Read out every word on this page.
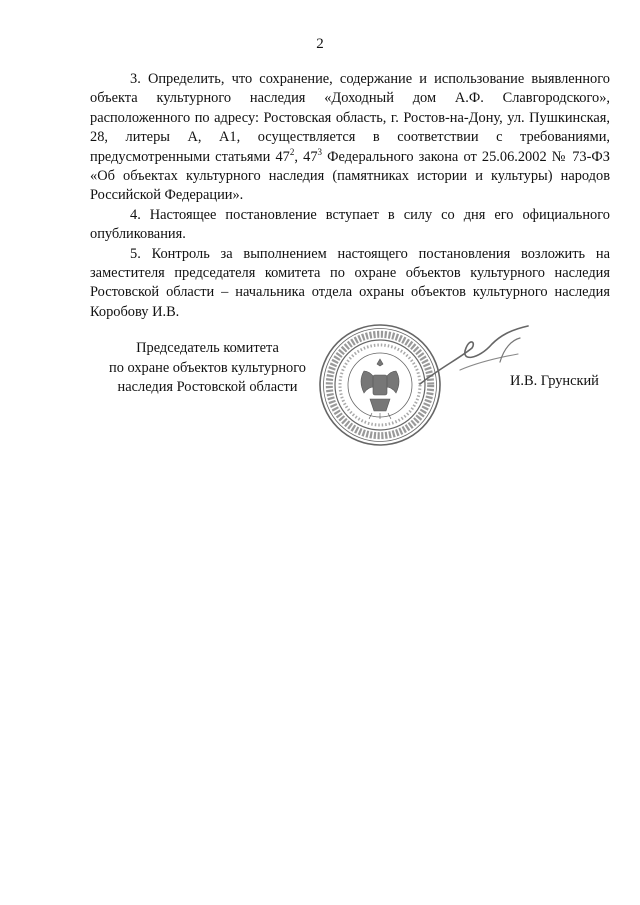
2

3. Определить, что сохранение, содержание и использование выявленного объекта культурного наследия «Доходный дом А.Ф. Славгородского», расположенного по адресу: Ростовская область, г. Ростов-на-Дону, ул. Пушкинская, 28, литеры А, А1, осуществляется в соответствии с требованиями, предусмотренными статьями $47^2$, $47^3$ Федерального закона от 25.06.2002 № 73-ФЗ «Об объектах культурного наследия (памятниках истории и культуры) народов Российской Федерации».

4. Настоящее постановление вступает в силу со дня его официального опубликования.

5. Контроль за выполнением настоящего постановления возложить на заместителя председателя комитета по охране объектов культурного наследия Ростовской области – начальника отдела охраны объектов культурного наследия Коробову И.В.

Председатель комитета
по охране объектов культурного
наследия Ростовской области	И.В. Грунский
